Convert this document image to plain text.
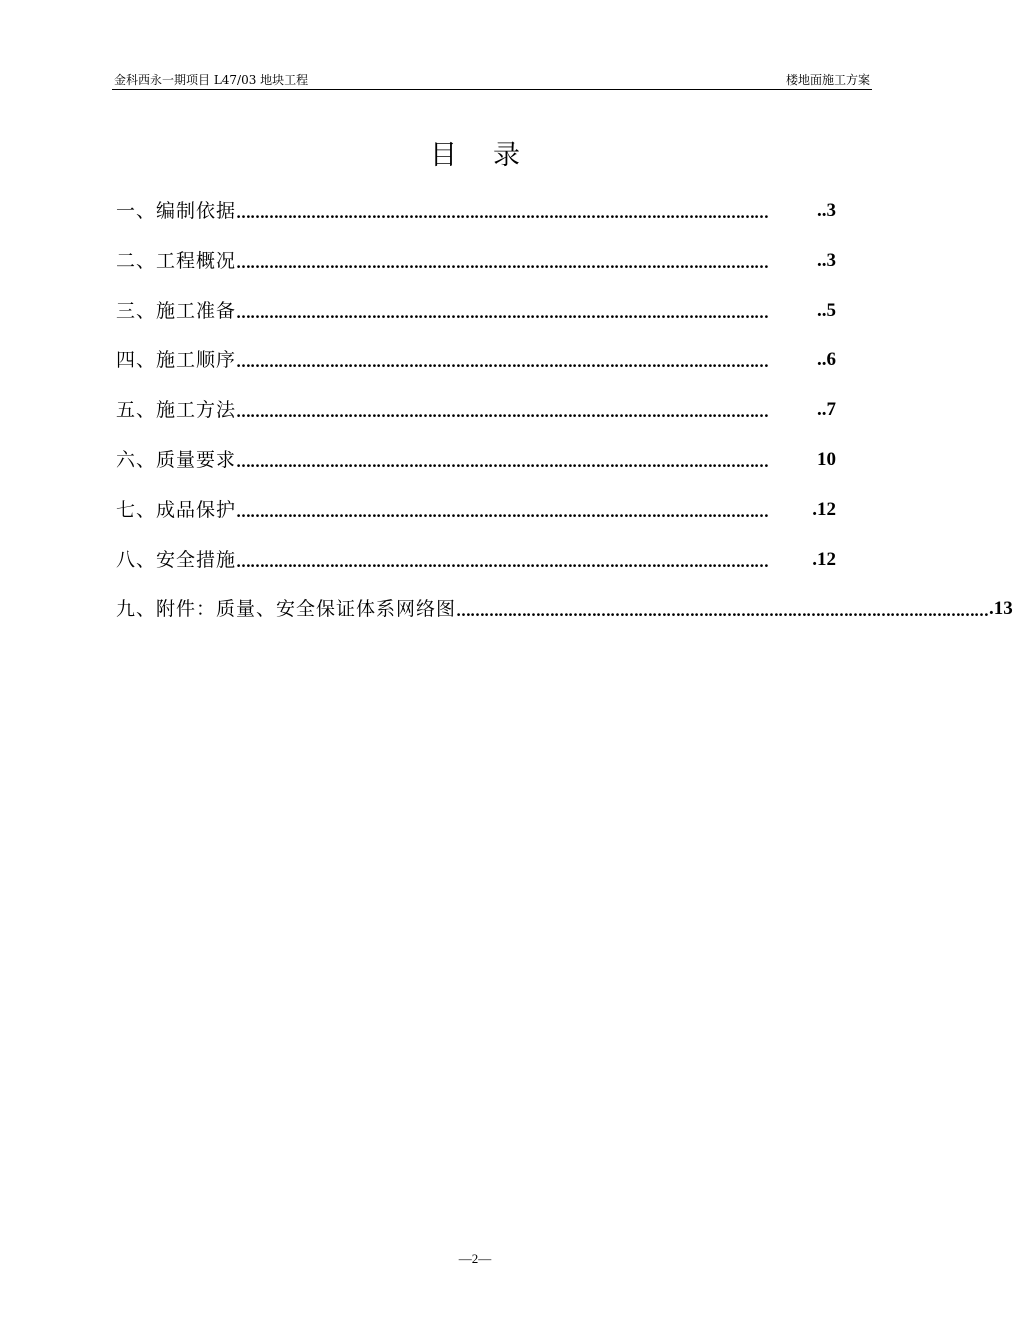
金科西永一期项目 L47/03 地块工程	楼地面施工方案
目 录
一、编制依据 ……………………………………………………………………………………………………	..3
二、工程概况 ……………………………………………………………………………………………………	..3
三、施工准备 ……………………………………………………………………………………………………	..5
四、施工顺序 ……………………………………………………………………………………………………	..6
五、施工方法 ……………………………………………………………………………………………………	..7
六、质量要求 ……………………………………………………………………………………………………	10
七、成品保护 ……………………………………………………………………………………………………	.12
八、安全措施 ……………………………………………………………………………………………………	.12
九、附件：质量、安全保证体系网络图 …………………………………………………………………………………………………… .13
—2—
